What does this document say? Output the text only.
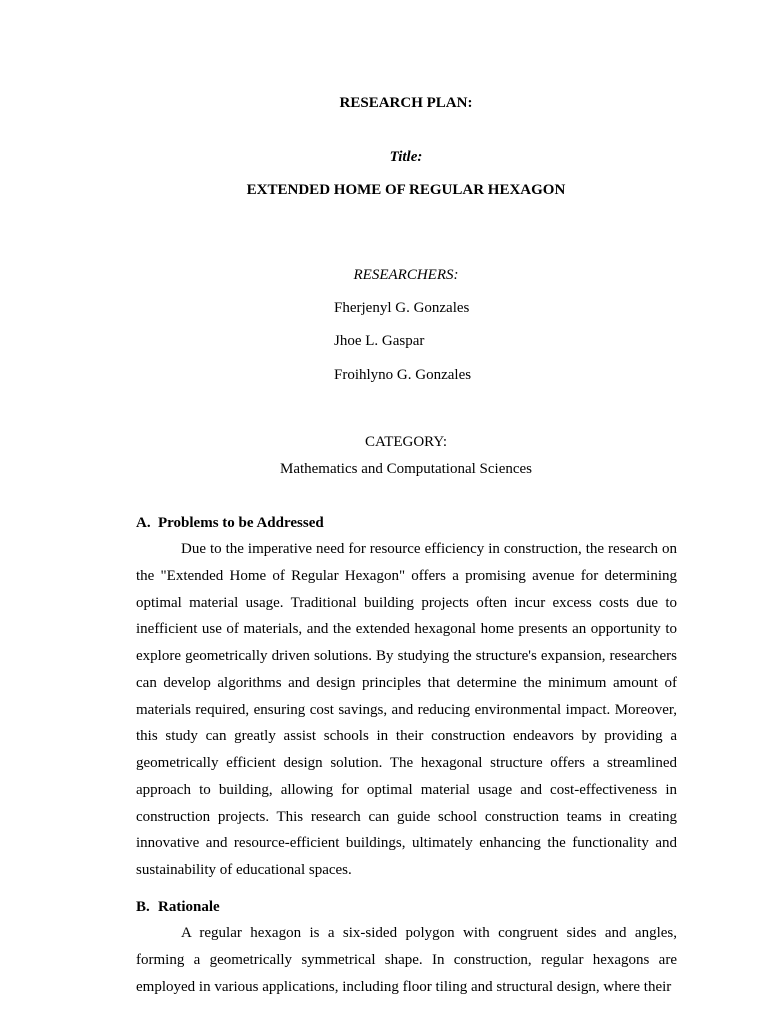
RESEARCH PLAN:
Title:
EXTENDED HOME OF REGULAR HEXAGON
RESEARCHERS:
Fherjenyl G. Gonzales
Jhoe L. Gaspar
Froihlyno G. Gonzales
CATEGORY:
Mathematics and Computational Sciences
A. Problems to be Addressed

Due to the imperative need for resource efficiency in construction, the research on the "Extended Home of Regular Hexagon" offers a promising avenue for determining optimal material usage. Traditional building projects often incur excess costs due to inefficient use of materials, and the extended hexagonal home presents an opportunity to explore geometrically driven solutions. By studying the structure's expansion, researchers can develop algorithms and design principles that determine the minimum amount of materials required, ensuring cost savings, and reducing environmental impact. Moreover, this study can greatly assist schools in their construction endeavors by providing a geometrically efficient design solution. The hexagonal structure offers a streamlined approach to building, allowing for optimal material usage and cost-effectiveness in construction projects. This research can guide school construction teams in creating innovative and resource-efficient buildings, ultimately enhancing the functionality and sustainability of educational spaces.

B. Rationale

A regular hexagon is a six-sided polygon with congruent sides and angles, forming a geometrically symmetrical shape. In construction, regular hexagons are employed in various applications, including floor tiling and structural design, where their
